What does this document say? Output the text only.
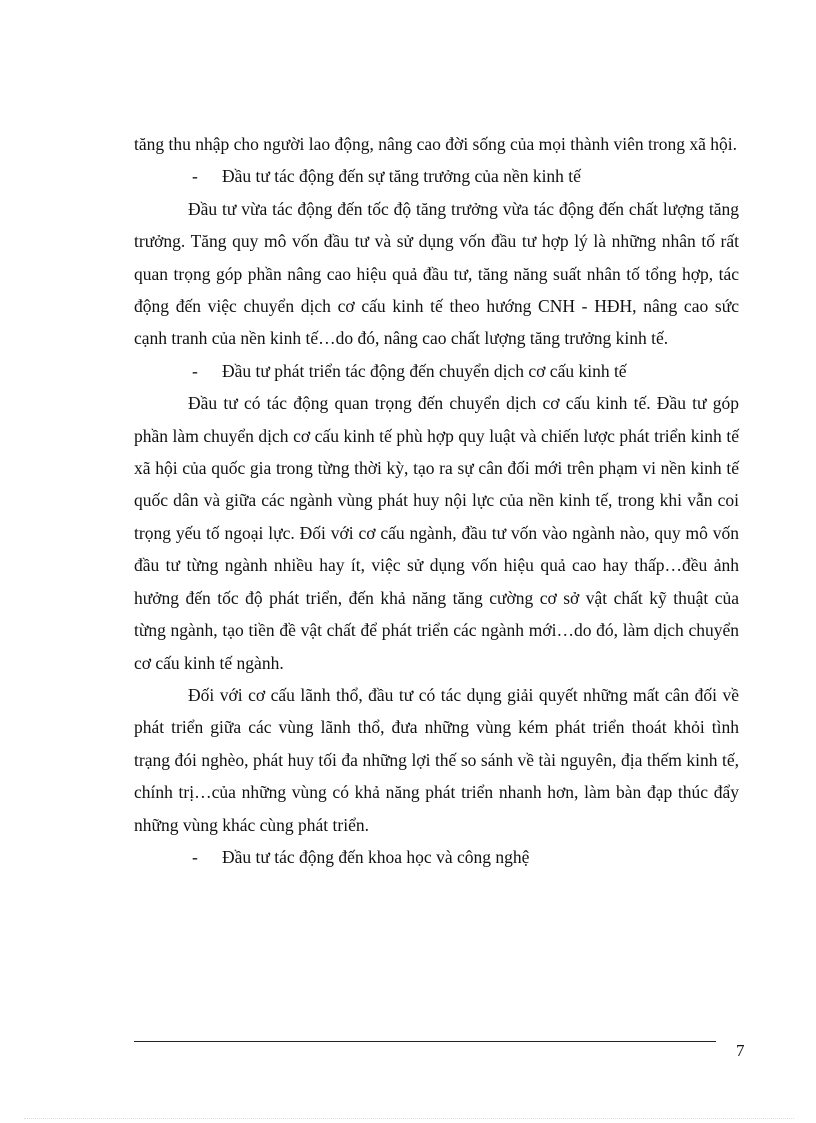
tăng thu nhập cho người lao động, nâng cao đời sống của mọi thành viên trong xã hội.

- Đầu tư tác động đến sự tăng trưởng của nền kinh tế

Đầu tư vừa tác động đến tốc độ tăng trưởng vừa tác động đến chất lượng tăng trưởng. Tăng quy mô vốn đầu tư và sử dụng vốn đầu tư hợp lý là những nhân tố rất quan trọng góp phần nâng cao hiệu quả đầu tư, tăng năng suất nhân tố tổng hợp, tác động đến việc chuyển dịch cơ cấu kinh tế theo hướng CNH - HĐH, nâng cao sức cạnh tranh của nền kinh tế…do đó, nâng cao chất lượng tăng trưởng kinh tế.

- Đầu tư phát triển tác động đến chuyển dịch cơ cấu kinh tế

Đầu tư có tác động quan trọng đến chuyển dịch cơ cấu kinh tế. Đầu tư góp phần làm chuyển dịch cơ cấu kinh tế phù hợp quy luật và chiến lược phát triển kinh tế xã hội của quốc gia trong từng thời kỳ, tạo ra sự cân đối mới trên phạm vi nền kinh tế quốc dân và giữa các ngành vùng phát huy nội lực của nền kinh tế, trong khi vẫn coi trọng yếu tố ngoại lực. Đối với cơ cấu ngành, đầu tư vốn vào ngành nào, quy mô vốn đầu tư từng ngành nhiều hay ít, việc sử dụng vốn hiệu quả cao hay thấp…đều ảnh hưởng đến tốc độ phát triển, đến khả năng tăng cường cơ sở vật chất kỹ thuật của từng ngành, tạo tiền đề vật chất để phát triển các ngành mới…do đó, làm dịch chuyển cơ cấu kinh tế ngành.

Đối với cơ cấu lãnh thổ, đầu tư có tác dụng giải quyết những mất cân đối về phát triển giữa các vùng lãnh thổ, đưa những vùng kém phát triển thoát khỏi tình trạng đói nghèo, phát huy tối đa những lợi thế so sánh về tài nguyên, địa thếm kinh tế, chính trị…của những vùng có khả năng phát triển nhanh hơn, làm bàn đạp thúc đẩy những vùng khác cùng phát triển.

- Đầu tư tác động đến khoa học và công nghệ

7
